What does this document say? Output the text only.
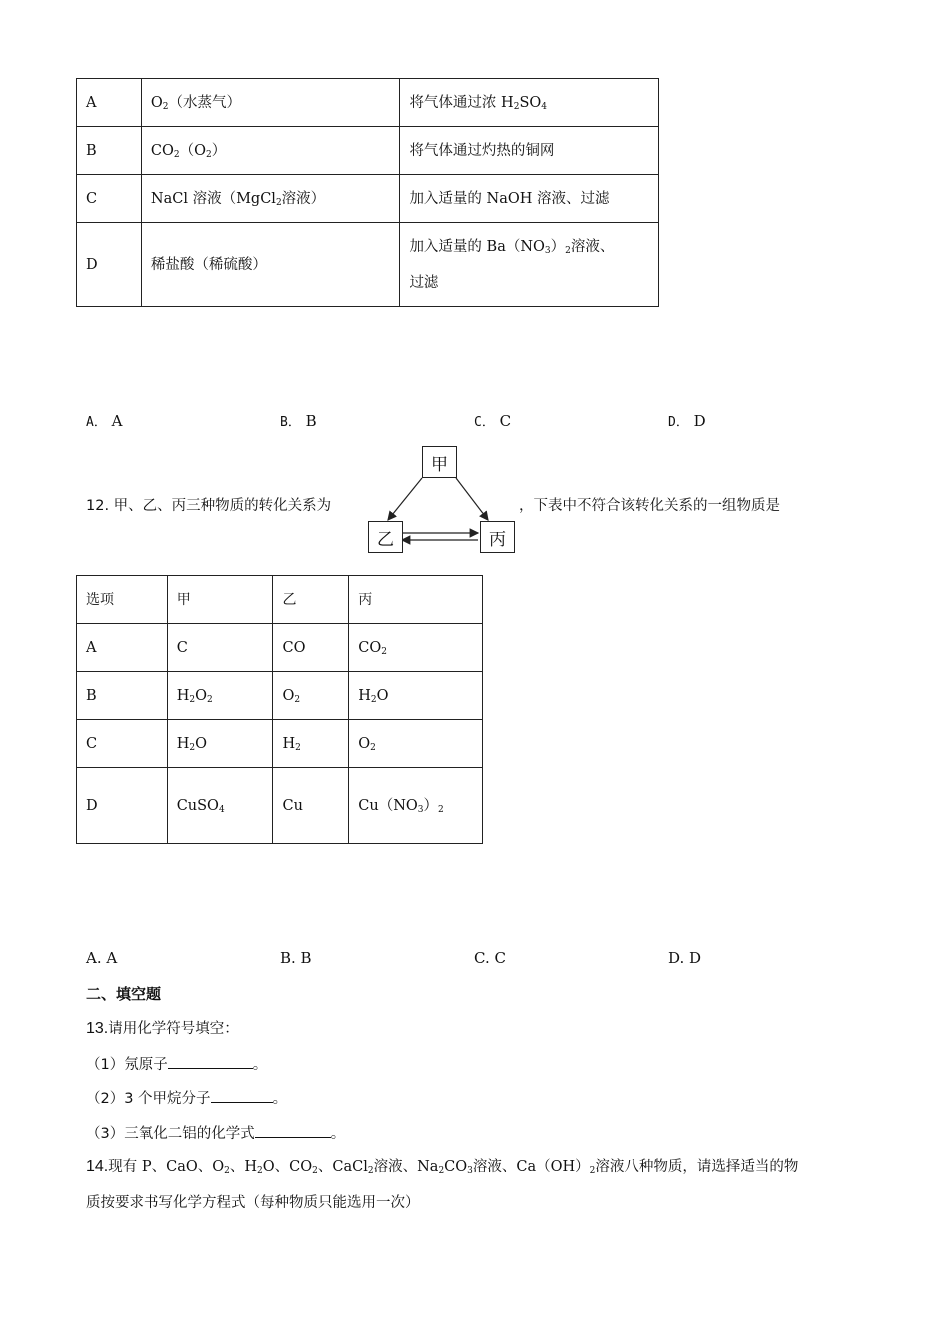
A	$O_2$（水蒸气）	将气体通过浓 $H_2SO_4$
B	$CO_2(O_2)$	将气体通过灼热的铜网
C	NaCl 溶液（MgCl$_2$溶液）	加入适量的 NaOH 溶液、过滤
D	稀盐酸（稀硫酸）	加入适量的 $Ba(NO_3)_2$溶液、
过滤
A． A	B． B	C． C	D． D
12. 甲、乙、丙三种物质的转化关系为
甲
乙	丙
，下表中不符合该转化关系的一组物质是
选项	甲	乙	丙
A	C	CO	$CO_2$
B	$H_2O_2$	$O_2$	$H_2O$
C	$H_2O$	$H_2$	$O_2$
D	CuSO$_4$	Cu	$Cu(NO_3)_2$
A. A	B. B	C. C	D. D
二、填空题
13.请用化学符号填空：
（1）氖原子	。
（2）3 个甲烷分子	。
（3）三氧化二铝的化学式	。
14.现有 P、CaO、$O_2$、$H_2O$、$CO_2$、CaCl$_2$溶液、$Na_2CO_3$溶液、$Ca(OH)_2$溶液八种物质，请选择适当的物
质按要求书写化学方程式（每种物质只能选用一次）
